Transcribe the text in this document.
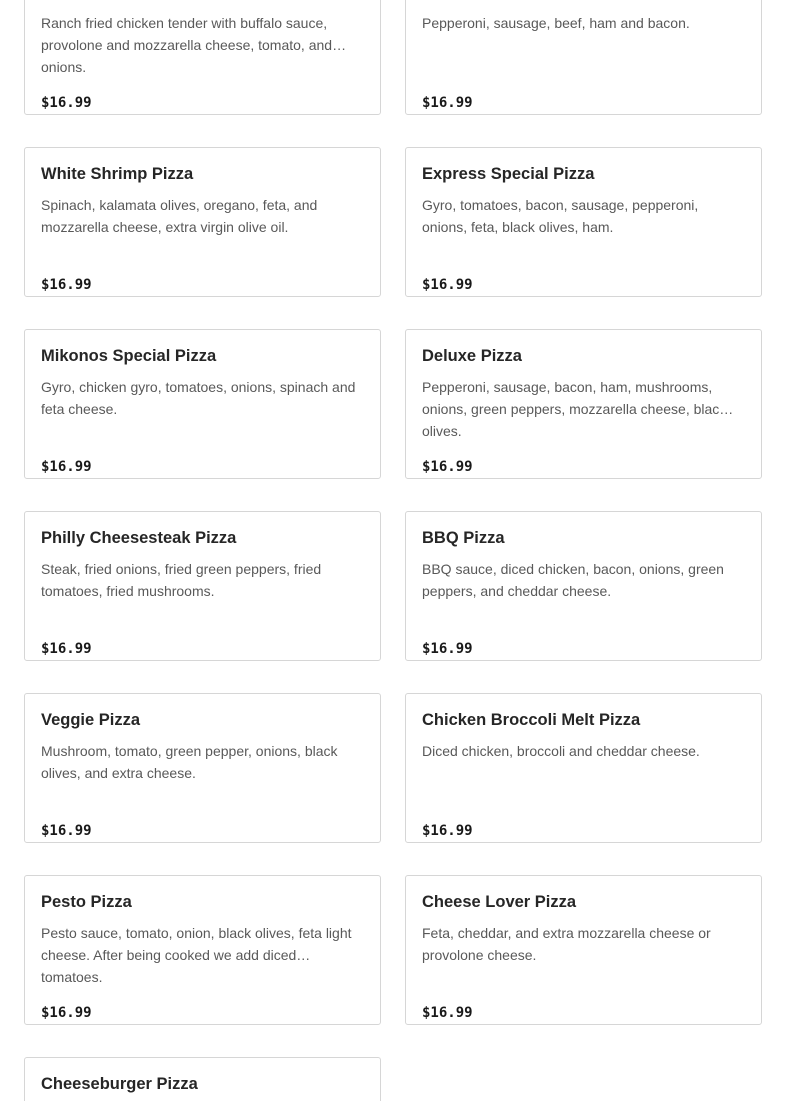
Ranch fried chicken tender with buffalo sauce, provolone and mozzarella cheese, tomato, and onions.
$16.99
Pepperoni, sausage, beef, ham and bacon.
$16.99
White Shrimp Pizza
Spinach, kalamata olives, oregano, feta, and mozzarella cheese, extra virgin olive oil.
$16.99
Express Special Pizza
Gyro, tomatoes, bacon, sausage, pepperoni, onions, feta, black olives, ham.
$16.99
Mikonos Special Pizza
Gyro, chicken gyro, tomatoes, onions, spinach and feta cheese.
$16.99
Deluxe Pizza
Pepperoni, sausage, bacon, ham, mushrooms, onions, green peppers, mozzarella cheese, black olives.
$16.99
Philly Cheesesteak Pizza
Steak, fried onions, fried green peppers, fried tomatoes, fried mushrooms.
$16.99
BBQ Pizza
BBQ sauce, diced chicken, bacon, onions, green peppers, and cheddar cheese.
$16.99
Veggie Pizza
Mushroom, tomato, green pepper, onions, black olives, and extra cheese.
$16.99
Chicken Broccoli Melt Pizza
Diced chicken, broccoli and cheddar cheese.
$16.99
Pesto Pizza
Pesto sauce, tomato, onion, black olives, feta light cheese. After being cooked we add diced tomatoes.
$16.99
Cheese Lover Pizza
Feta, cheddar, and extra mozzarella cheese or provolone cheese.
$16.99
Cheeseburger Pizza
